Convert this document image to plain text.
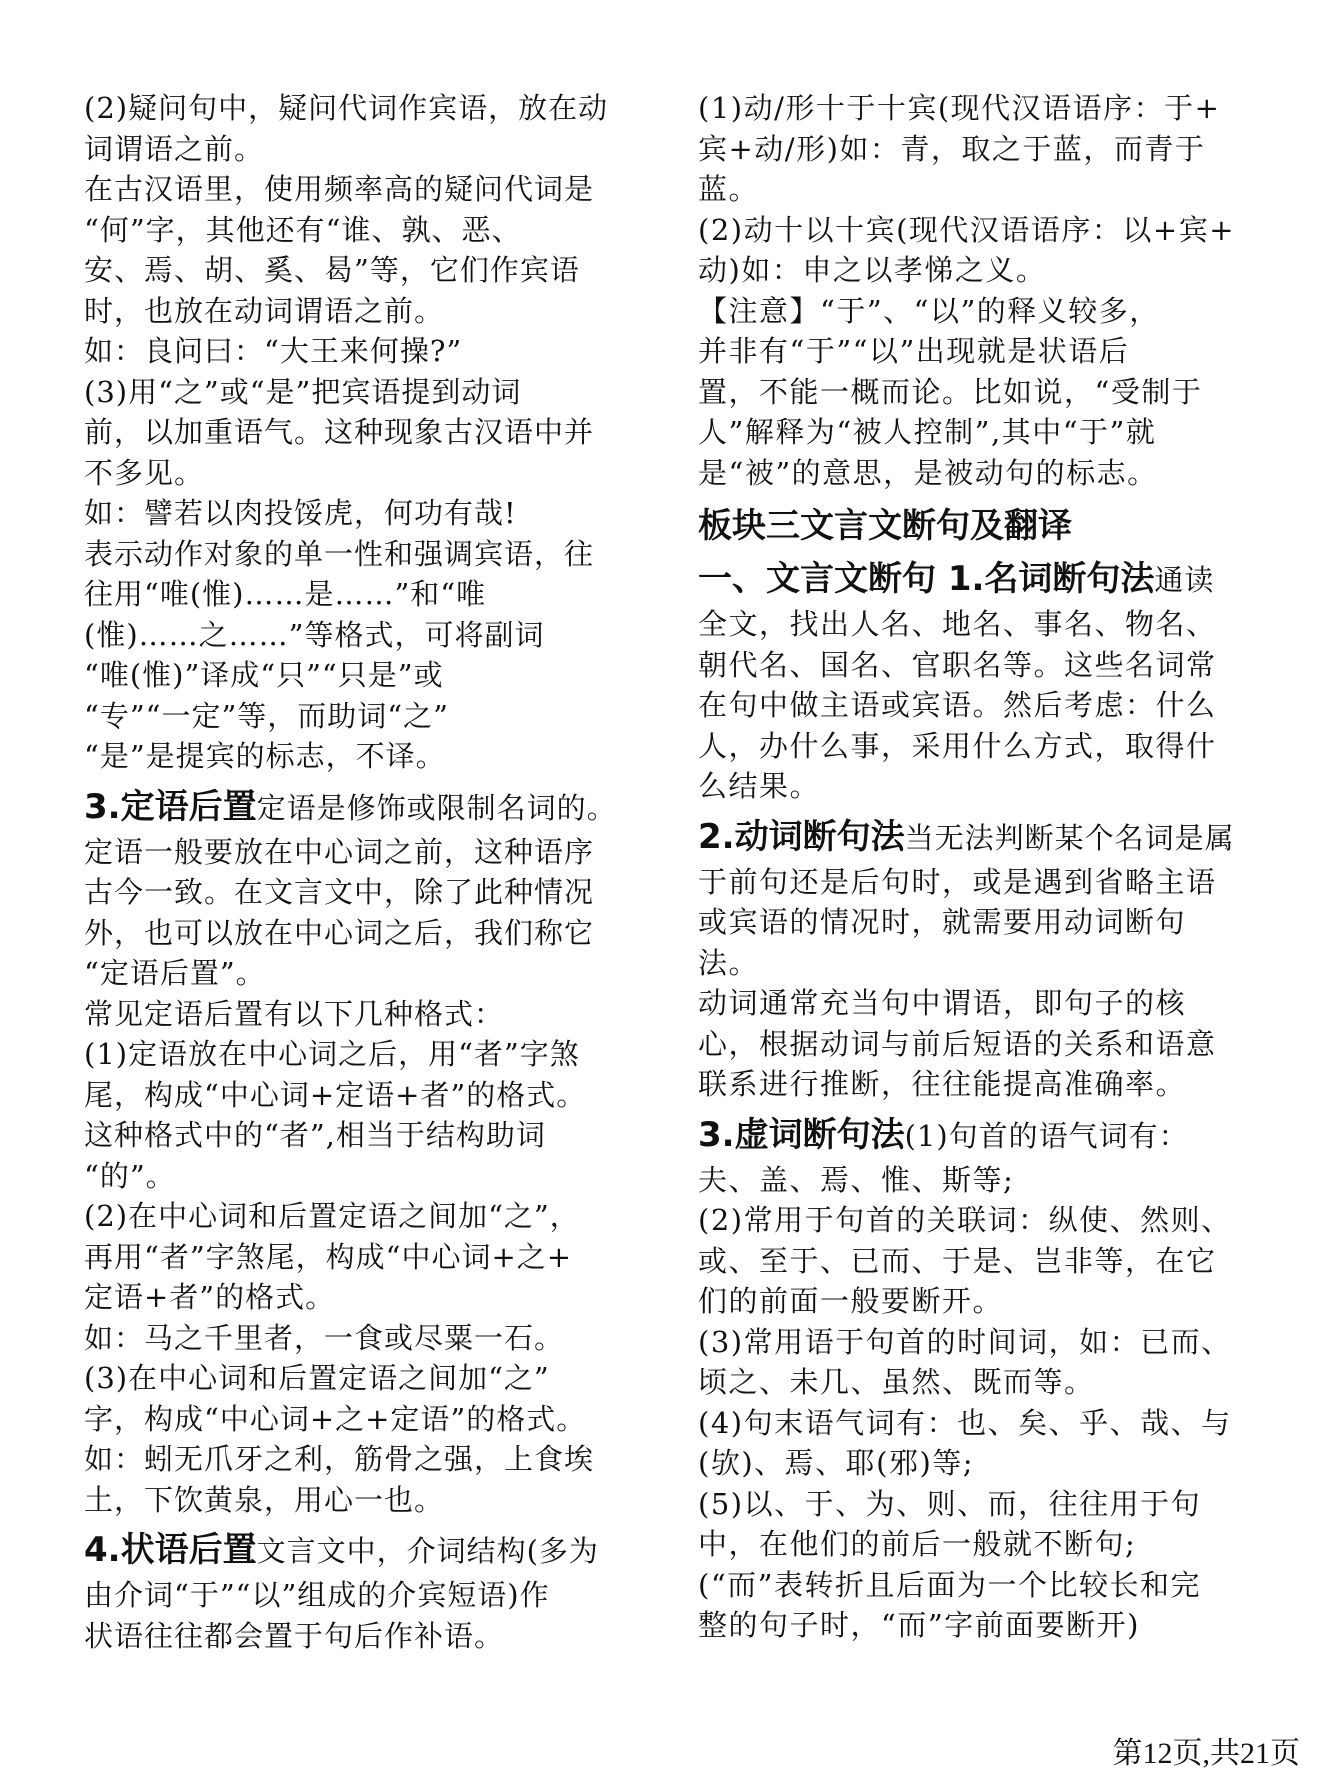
(2)疑问句中，疑问代词作宾语，放在动

词谓语之前。

在古汉语里，使用频率高的疑问代词是

“何”字，其他还有“谁、孰、恶、

安、焉、胡、奚、曷”等，它们作宾语

时，也放在动词谓语之前。

如：良问曰：“大王来何操?”

(3)用“之”或“是”把宾语提到动词

前，以加重语气。这种现象古汉语中并

不多见。

如：譬若以肉投馁虎，何功有哉!

表示动作对象的单一性和强调宾语，往

往用“唯(惟)……是……”和“唯

(惟)……之……”等格式，可将副词

“唯(惟)”译成“只”“只是”或

“专”“一定”等，而助词“之”

“是”是提宾的标志，不译。

3.定语后置定语是修饰或限制名词的。

定语一般要放在中心词之前，这种语序

古今一致。在文言文中，除了此种情况

外，也可以放在中心词之后，我们称它

“定语后置”。

常见定语后置有以下几种格式：

(1)定语放在中心词之后，用“者”字煞

尾，构成“中心词+定语+者”的格式。

这种格式中的“者”,相当于结构助词

“的”。

(2)在中心词和后置定语之间加“之”，

再用“者”字煞尾，构成“中心词+之+

定语+者”的格式。

如：马之千里者，一食或尽粟一石。

(3)在中心词和后置定语之间加“之”

字，构成“中心词+之+定语”的格式。

如：蚓无爪牙之利，筋骨之强，上食埃

土，下饮黄泉，用心一也。

4.状语后置文言文中，介词结构(多为

由介词“于”“以”组成的介宾短语)作

状语往往都会置于句后作补语。

(1)动/形十于十宾(现代汉语语序：于+

宾+动/形)如：青，取之于蓝，而青于

蓝。

(2)动十以十宾(现代汉语语序：以+宾+

动)如：申之以孝悌之义。

【注意】“于”、“以”的释义较多，

并非有“于”“以”出现就是状语后

置，不能一概而论。比如说，“受制于

人”解释为“被人控制”,其中“于”就

是“被”的意思，是被动句的标志。

板块三文言文断句及翻译
一、文言文断句 1.名词断句法通读

全文，找出人名、地名、事名、物名、

朝代名、国名、官职名等。这些名词常

在句中做主语或宾语。然后考虑：什么

人，办什么事，采用什么方式，取得什

么结果。

2.动词断句法当无法判断某个名词是属

于前句还是后句时，或是遇到省略主语

或宾语的情况时，就需要用动词断句

法。

动词通常充当句中谓语，即句子的核

心，根据动词与前后短语的关系和语意

联系进行推断，往往能提高准确率。

3.虚词断句法(1)句首的语气词有：

夫、盖、焉、惟、斯等;

(2)常用于句首的关联词：纵使、然则、

或、至于、已而、于是、岂非等，在它

们的前面一般要断开。

(3)常用语于句首的时间词，如：已而、

顷之、未几、虽然、既而等。

(4)句末语气词有：也、矣、乎、哉、与

(欤)、焉、耶(邪)等;

(5)以、于、为、则、而，往往用于句

中，在他们的前后一般就不断句;

(“而”表转折且后面为一个比较长和完

整的句子时，“而”字前面要断开)

第12页,共21页
